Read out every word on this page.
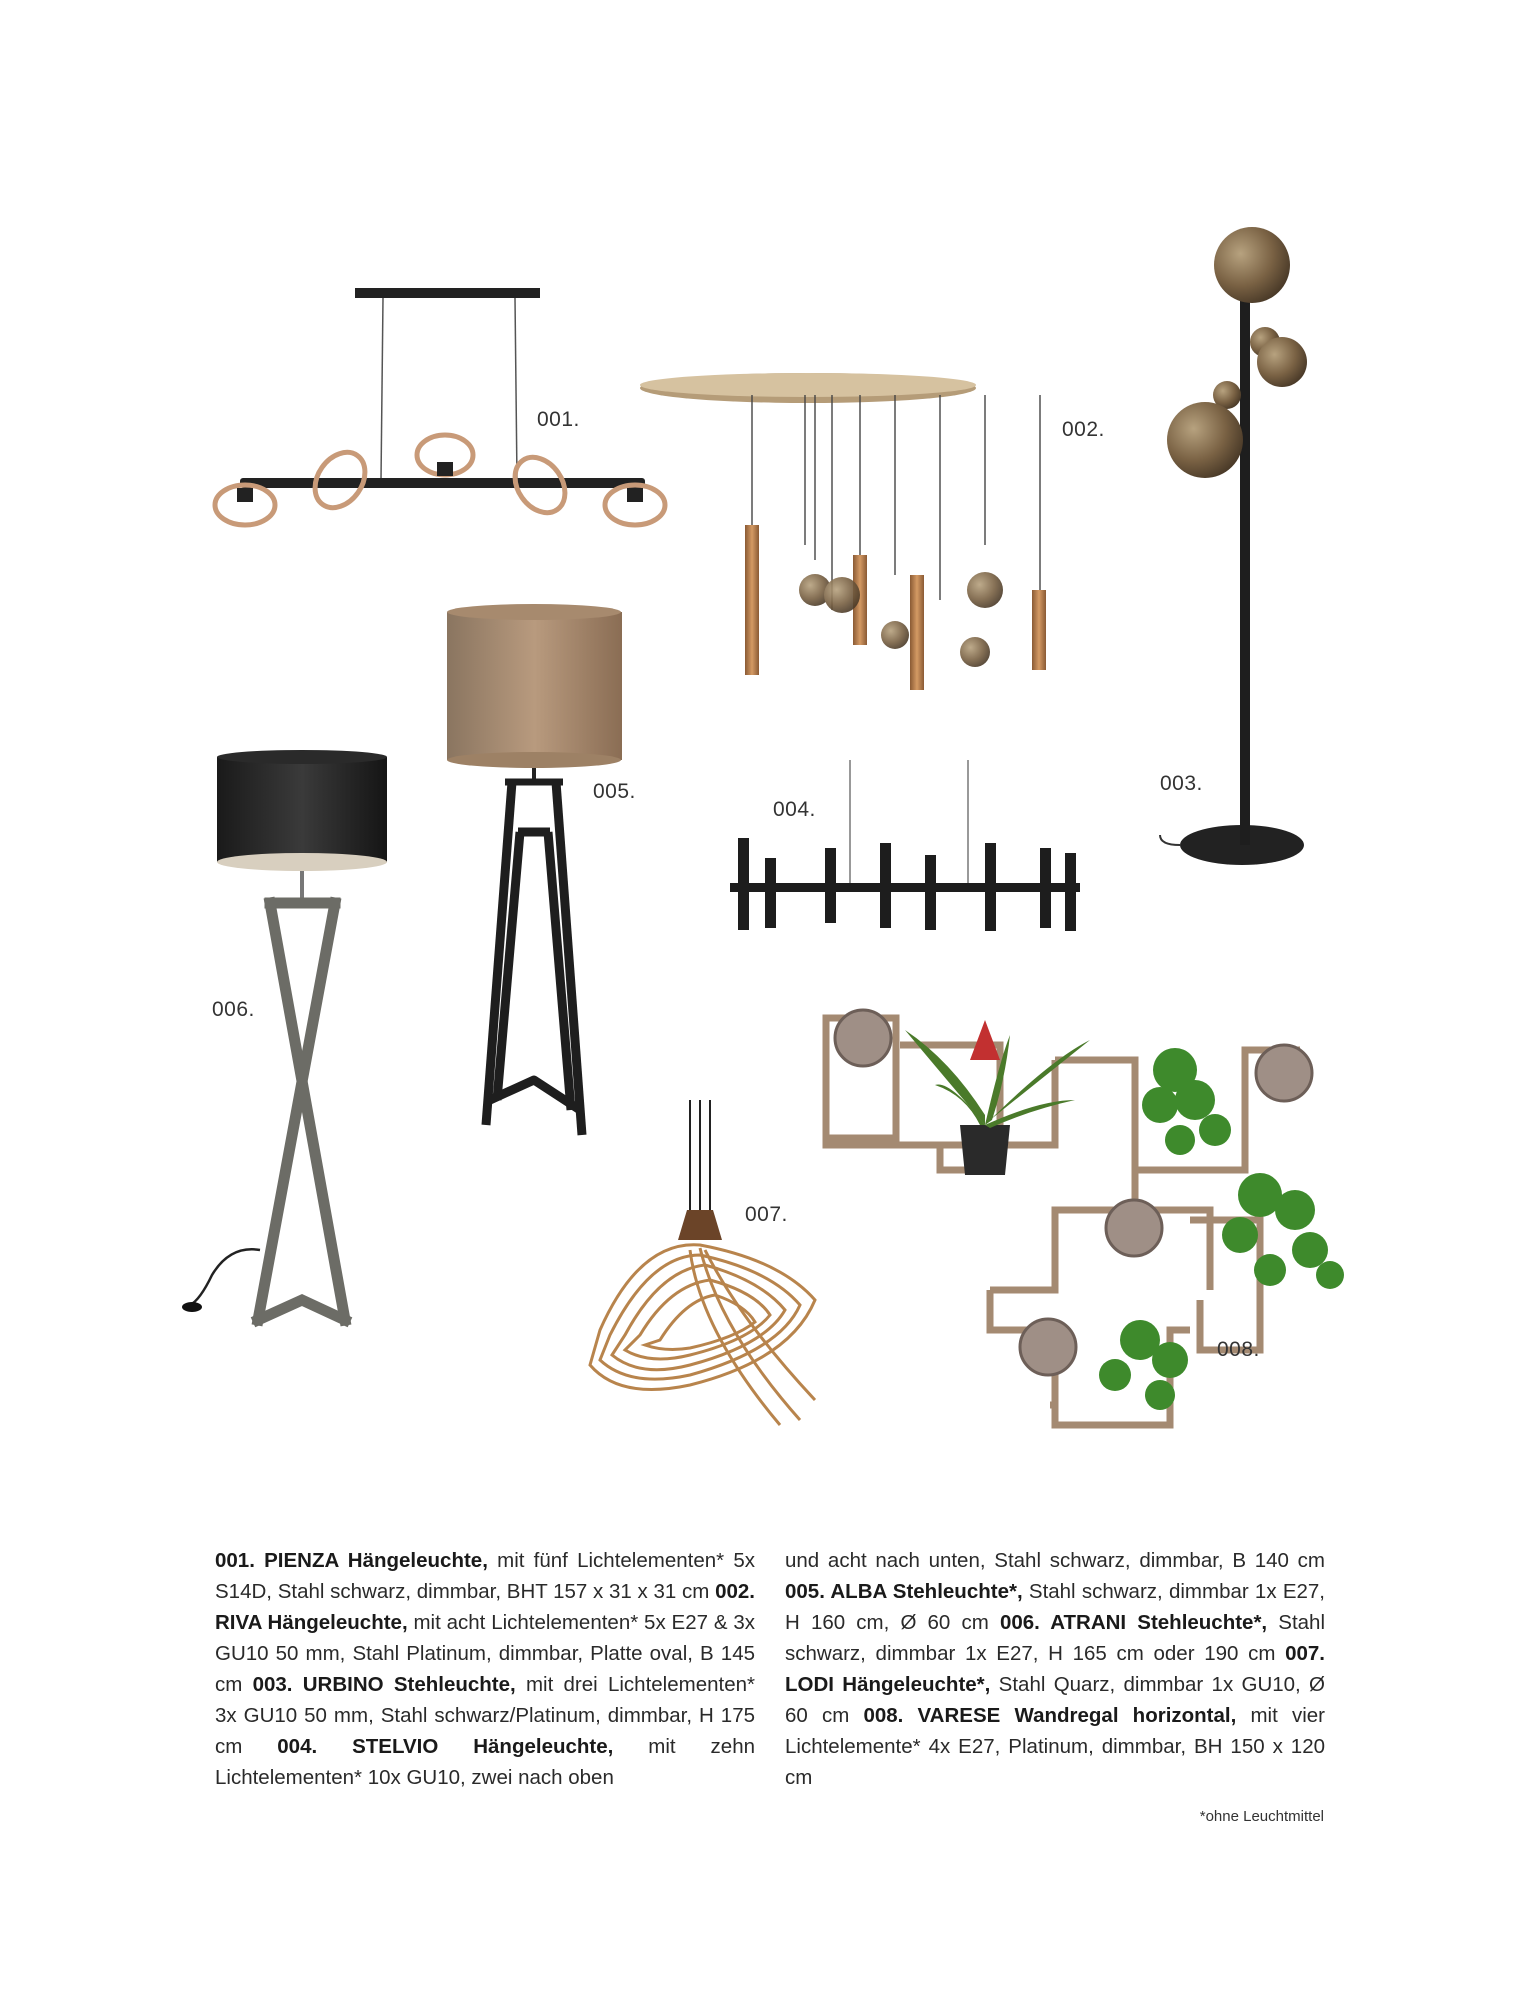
001.	002.
003.
004.
005.
006.
007.
008.
001. PIENZA Hängeleuchte, mit fünf Lichtelementen* 5x S14D, Stahl schwarz, dimmbar, BHT 157 x 31 x 31 cm 002. RIVA Hängeleuchte, mit acht Lichtelementen* 5x E27 & 3x GU10 50 mm, Stahl Platinum, dimmbar, Platte oval, B 145 cm 003. URBINO Stehleuchte, mit drei Lichtelementen* 3x GU10 50 mm, Stahl schwarz/Platinum, dimmbar, H 175 cm 004. STELVIO Hängeleuchte, mit zehn Lichtelementen* 10x GU10, zwei nach oben
und acht nach unten, Stahl schwarz, dimmbar, B 140 cm 005. ALBA Stehleuchte*, Stahl schwarz, dimmbar 1x E27, H 160 cm, Ø 60 cm 006. ATRANI Stehleuchte*, Stahl schwarz, dimmbar 1x E27, H 165 cm oder 190 cm 007. LODI Hängeleuchte*, Stahl Quarz, dimmbar 1x GU10, Ø 60 cm 008. VARESE Wandregal horizontal, mit vier Lichtelemente* 4x E27, Platinum, dimmbar, BH 150 x 120 cm
*ohne Leuchtmittel
